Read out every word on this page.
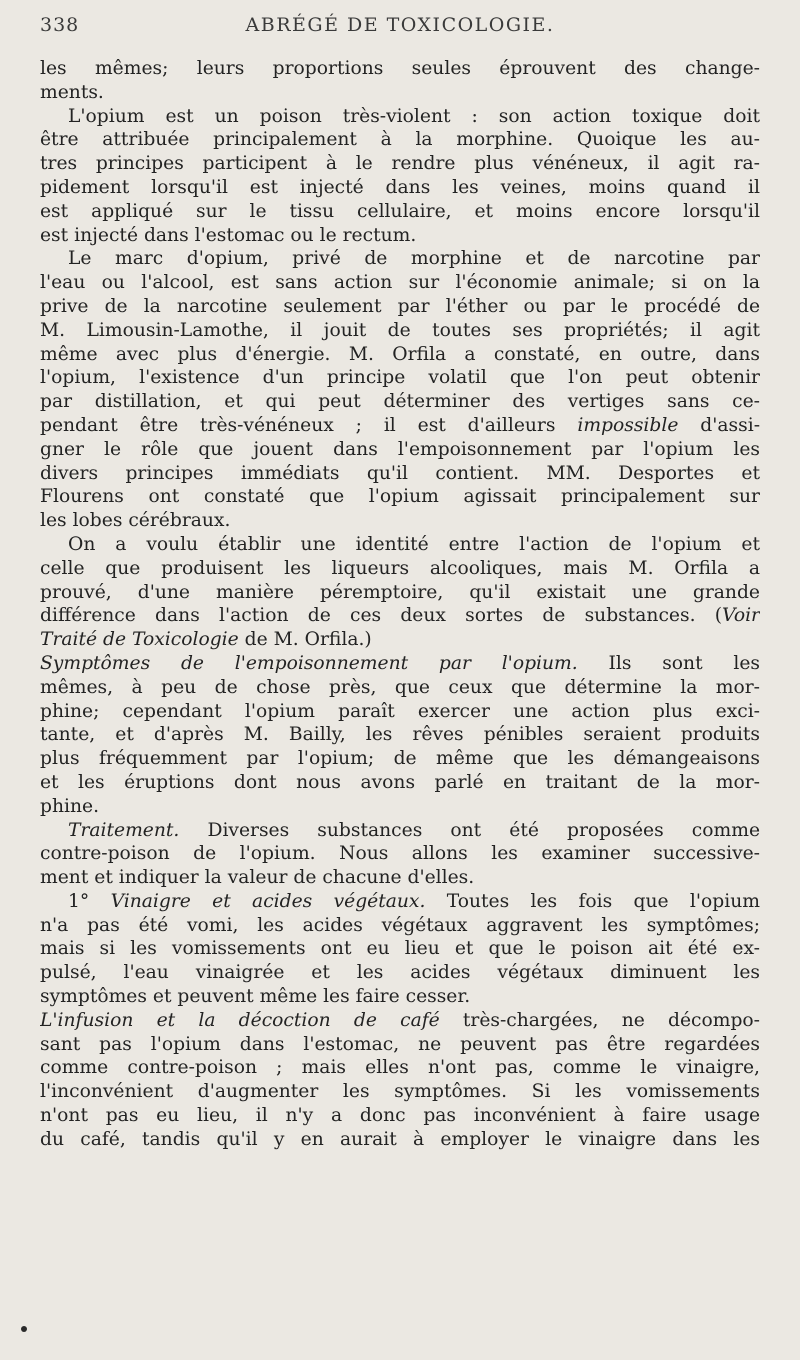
338	ABRÉGÉ DE TOXICOLOGIE.
les mêmes; leurs proportions seules éprouvent des change-
ments.
L'opium est un poison très-violent : son action toxique doit
être attribuée principalement à la morphine. Quoique les au-
tres principes participent à le rendre plus vénéneux, il agit ra-
pidement lorsqu'il est injecté dans les veines, moins quand il
est appliqué sur le tissu cellulaire, et moins encore lorsqu'il
est injecté dans l'estomac ou le rectum.
Le marc d'opium, privé de morphine et de narcotine par
l'eau ou l'alcool, est sans action sur l'économie animale; si on la
prive de la narcotine seulement par l'éther ou par le procédé de
M. Limousin-Lamothe, il jouit de toutes ses propriétés; il agit
même avec plus d'énergie. M. Orfila a constaté, en outre, dans
l'opium, l'existence d'un principe volatil que l'on peut obtenir
par distillation, et qui peut déterminer des vertiges sans ce-
pendant être très-vénéneux ; il est d'ailleurs impossible d'assi-
gner le rôle que jouent dans l'empoisonnement par l'opium les
divers principes immédiats qu'il contient. MM. Desportes et
Flourens ont constaté que l'opium agissait principalement sur
les lobes cérébraux.
On a voulu établir une identité entre l'action de l'opium et
celle que produisent les liqueurs alcooliques, mais M. Orfila a
prouvé, d'une manière péremptoire, qu'il existait une grande
différence dans l'action de ces deux sortes de substances. (Voir
Traité de Toxicologie de M. Orfila.)
Symptômes de l'empoisonnement par l'opium. Ils sont les
mêmes, à peu de chose près, que ceux que détermine la mor-
phine; cependant l'opium paraît exercer une action plus exci-
tante, et d'après M. Bailly, les rêves pénibles seraient produits
plus fréquemment par l'opium; de même que les démangeaisons
et les éruptions dont nous avons parlé en traitant de la mor-
phine.
Traitement. Diverses substances ont été proposées comme
contre-poison de l'opium. Nous allons les examiner successive-
ment et indiquer la valeur de chacune d'elles.
1° Vinaigre et acides végétaux. Toutes les fois que l'opium
n'a pas été vomi, les acides végétaux aggravent les symptômes;
mais si les vomissements ont eu lieu et que le poison ait été ex-
pulsé, l'eau vinaigrée et les acides végétaux diminuent les
symptômes et peuvent même les faire cesser.
L'infusion et la décoction de café très-chargées, ne décompo-
sant pas l'opium dans l'estomac, ne peuvent pas être regardées
comme contre-poison ; mais elles n'ont pas, comme le vinaigre,
l'inconvénient d'augmenter les symptômes. Si les vomissements
n'ont pas eu lieu, il n'y a donc pas inconvénient à faire usage
du café, tandis qu'il y en aurait à employer le vinaigre dans les
